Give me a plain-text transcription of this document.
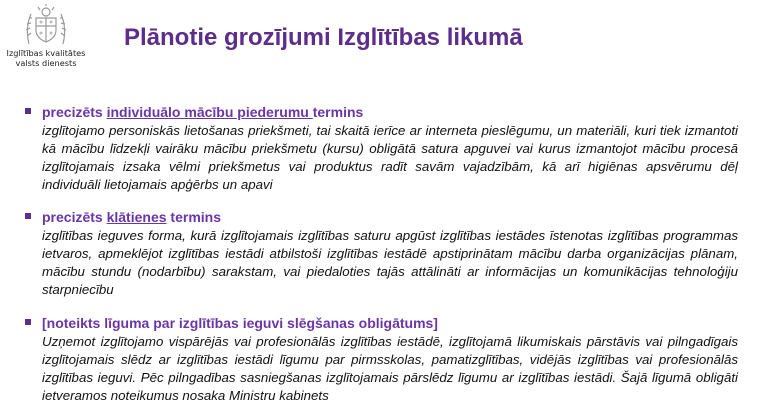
Izglītības kvalitātes
valsts dienests
Plānotie grozījumi Izglītības likumā
precizēts individuālo mācību piederumu termins
izglītojamo personiskās lietošanas priekšmeti, tai skaitā ierīce ar interneta pieslēgumu, un materiāli, kuri tiek izmantoti kā mācību līdzekļi vairāku mācību priekšmetu (kursu) obligātā satura apguvei vai kurus izmantojot mācību procesā izglītojamais izsaka vēlmi priekšmetus vai produktus radīt savām vajadzībām, kā arī higiēnas apsvērumu dēļ individuāli lietojamais apģērbs un apavi
precizēts klātienes termins
izglītības ieguves forma, kurā izglītojamais izglītības saturu apgūst izglītības iestādes īstenotas izglītības programmas ietvaros, apmeklējot izglītības iestādi atbilstoši izglītības iestādē apstiprinātam mācību darba organizācijas plānam, mācību stundu (nodarbību) sarakstam, vai piedaloties tajās attālināti ar informācijas un komunikācijas tehnoloģiju starpniecību
[noteikts līguma par izglītības ieguvi slēgšanas obligātums]
Uzņemot izglītojamo vispārējās vai profesionālās izglītības iestādē, izglītojamā likumiskais pārstāvis vai pilngadīgais izglītojamais slēdz ar izglītības iestādi līgumu par pirmsskolas, pamatizglītības, vidējās izglītības vai profesionālās izglītības ieguvi. Pēc pilngadības sasniegšanas izglītojamais pārslēdz līgumu ar izglītības iestādi. Šajā līgumā obligāti ietveramos noteikumus nosaka Ministru kabinets
